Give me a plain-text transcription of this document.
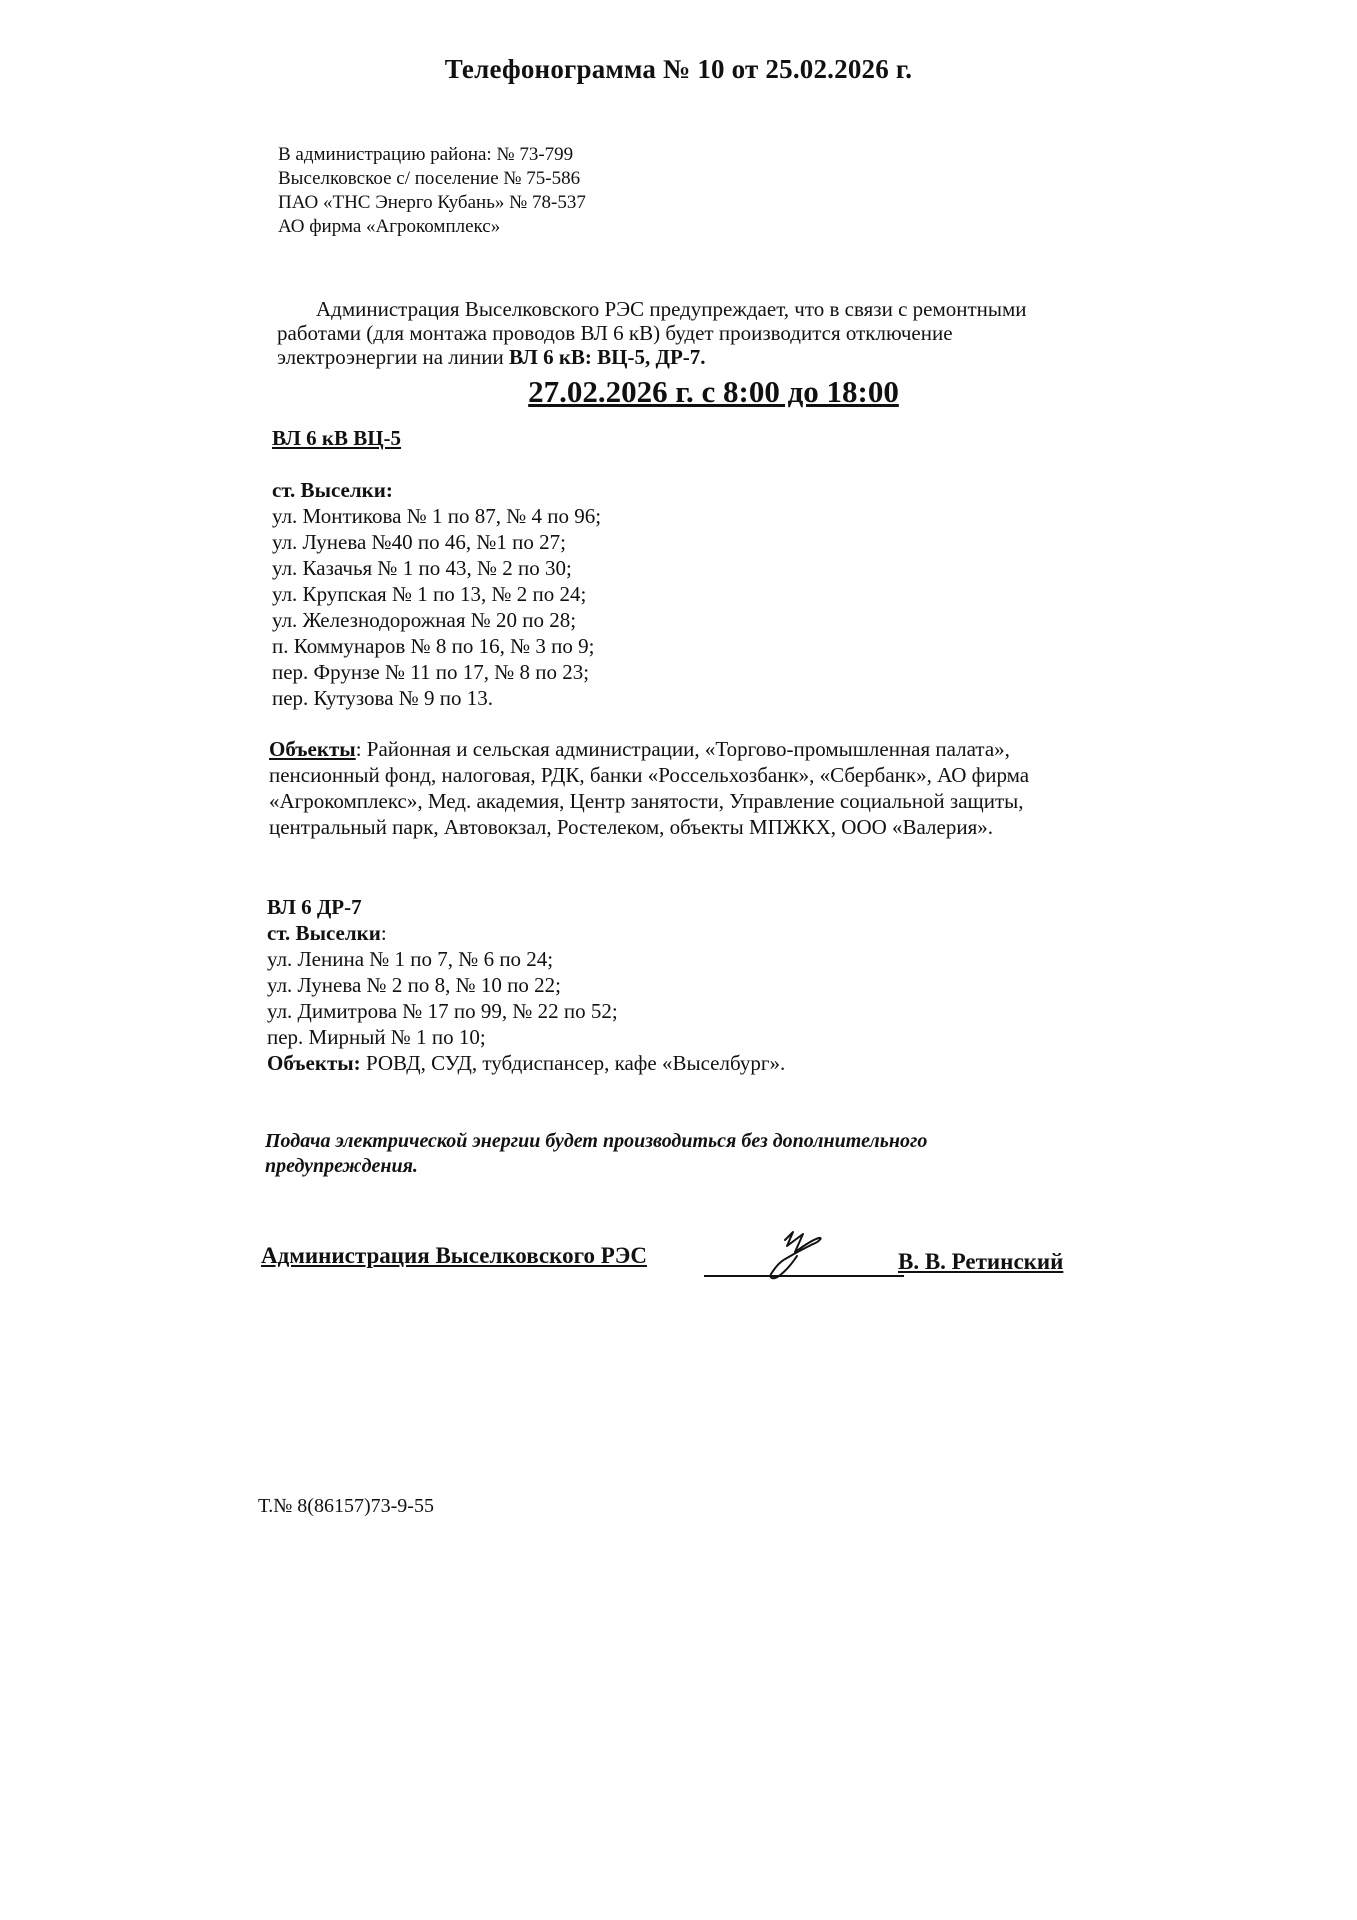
Телефонограмма № 10 от 25.02.2026 г.
В администрацию района: № 73-799
Выселковское с/ поселение № 75-586
ПАО «ТНС Энерго Кубань» № 78-537
АО фирма «Агрокомплекс»
Администрация Выселковского РЭС предупреждает, что в связи с ремонтными
работами (для монтажа проводов ВЛ 6 кВ) будет производится отключение
электроэнергии на линии ВЛ 6 кВ: ВЦ-5, ДР-7.
27.02.2026 г. с 8:00 до 18:00
ВЛ 6 кВ ВЦ-5
ст. Выселки:
ул. Монтикова № 1 по 87, № 4 по 96;
ул. Лунева №40 по 46, №1 по 27;
ул. Казачья № 1 по 43, № 2 по 30;
ул. Крупская № 1 по 13, № 2 по 24;
ул. Железнодорожная № 20 по 28;
п. Коммунаров № 8 по 16, № 3 по 9;
пер. Фрунзе № 11 по 17, № 8 по 23;
пер. Кутузова № 9 по 13.
Объекты: Районная и сельская администрации, «Торгово-промышленная палата»,
пенсионный фонд, налоговая, РДК, банки «Россельхозбанк», «Сбербанк», АО фирма
«Агрокомплекс», Мед. академия, Центр занятости, Управление социальной защиты,
центральный парк, Автовокзал, Ростелеком, объекты МПЖКХ, ООО «Валерия».
ВЛ 6 ДР-7
ст. Выселки:
ул. Ленина № 1 по 7, № 6 по 24;
ул. Лунева № 2 по 8, № 10 по 22;
ул. Димитрова № 17 по 99, № 22 по 52;
пер. Мирный № 1 по 10;
Объекты: РОВД, СУД, тубдиспансер, кафе «Выселбург».
Подача электрической энергии будет производиться без дополнительного
предупреждения.
Администрация Выселковского РЭС	В. В. Ретинский
Т.№ 8(86157)73-9-55
